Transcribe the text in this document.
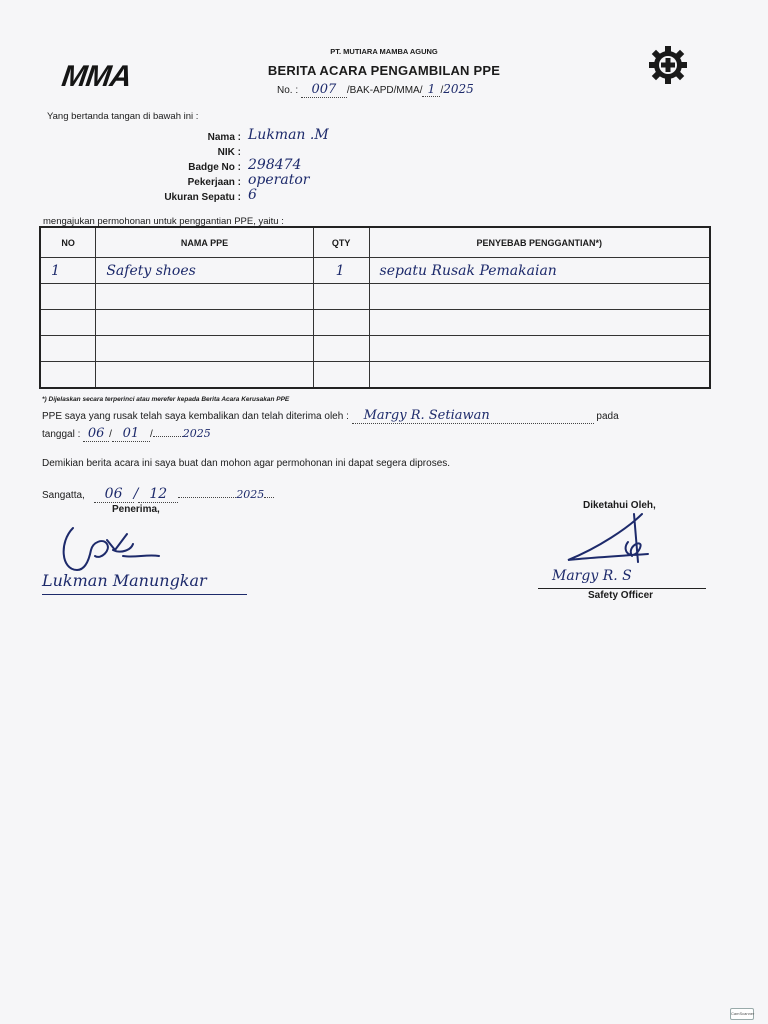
MMA
PT. MUTIARA MAMBA AGUNG
BERITA ACARA PENGAMBILAN PPE
No. : 007 /BAK-APD/MMA/ 1 /2025
Yang bertanda tangan di bawah ini :
Nama : Lukman .M
NIK :
Badge No : 298474
Pekerjaan : operator
Ukuran Sepatu : 6
mengajukan permohonan untuk penggantian PPE, yaitu :
NO	NAMA PPE	QTY	PENYEBAB PENGGANTIAN*)
1	Safety shoes	1	sepatu Rusak Pemakaian

*) Dijelaskan secara terperinci atau merefer kepada Berita Acara Kerusakan PPE
PPE saya yang rusak telah saya kembalikan dan telah diterima oleh : Margy R. Setiawan	pada
tanggal : 06 / 01 /	2025
Demikian berita acara ini saya buat dan mohon agar permohonan ini dapat segera diproses.
Sangatta, 06 / 12	2025
Penerima,
Lukman Manungkar
Diketahui Oleh,
Margy R. S
Safety Officer
CamScanner
